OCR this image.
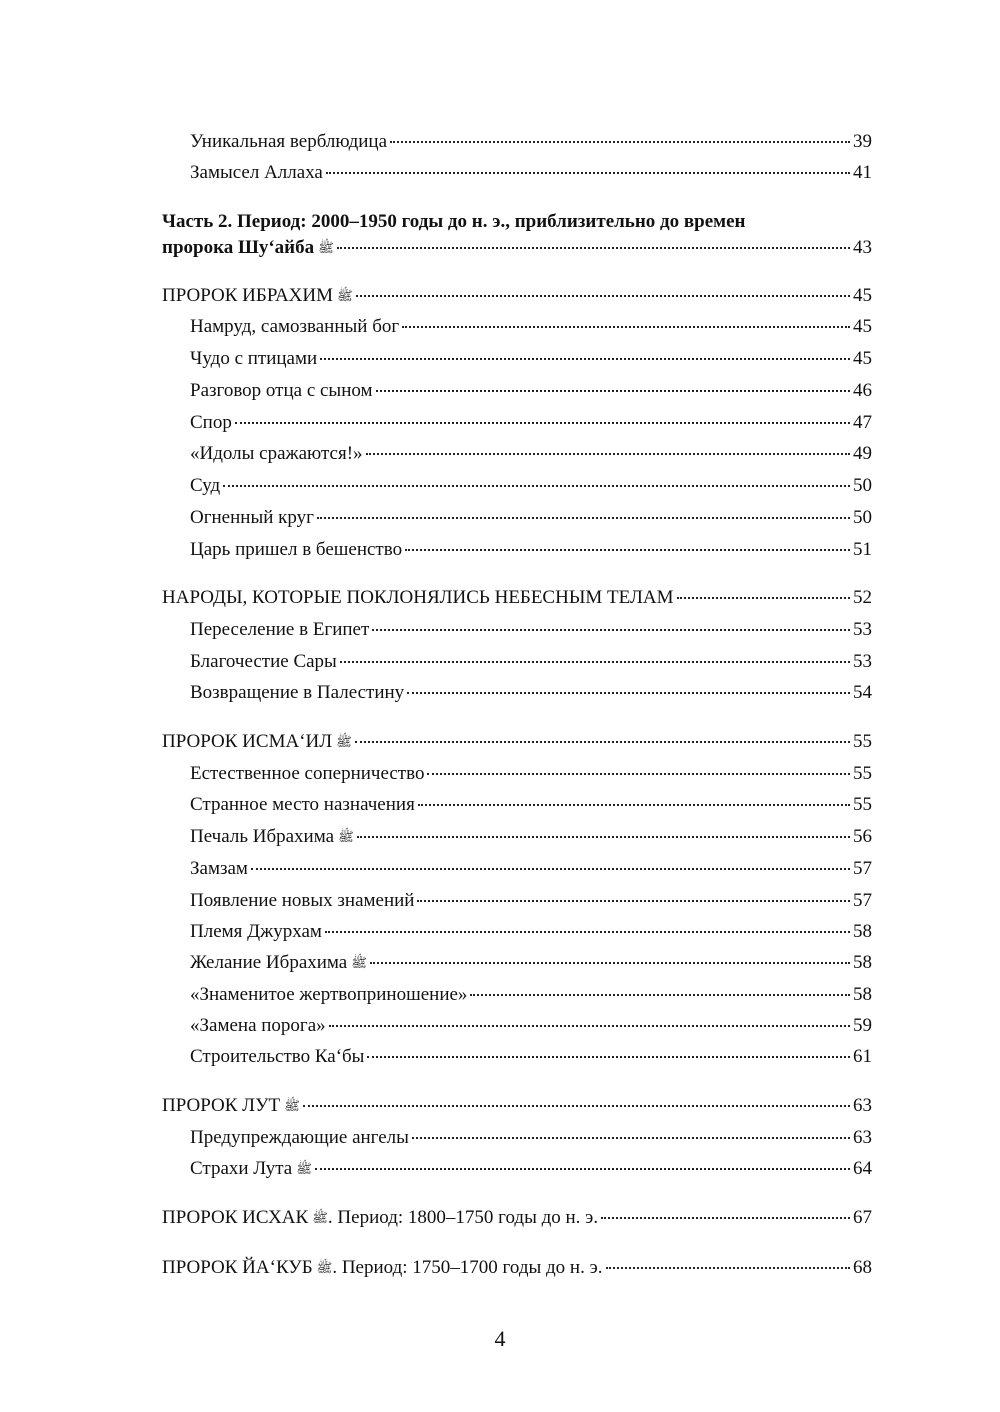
Уникальная верблюдица	39
Замысел Аллаха	41
Часть 2. Период: 2000–1950 годы до н. э., приблизительно до времен
пророка Шу‘айба ﷺ	43
ПРОРОК ИБРАХИМ ﷺ	45
Намруд, самозванный бог	45
Чудо с птицами	45
Разговор отца с сыном	46
Спор	47
«Идолы сражаются!»	49
Суд	50
Огненный круг	50
Царь пришел в бешенство	51
НАРОДЫ, КОТОРЫЕ ПОКЛОНЯЛИСЬ НЕБЕСНЫМ ТЕЛАМ	52
Переселение в Египет	53
Благочестие Сары	53
Возвращение в Палестину	54
ПРОРОК ИСМА‘ИЛ ﷺ	55
Естественное соперничество	55
Странное место назначения	55
Печаль Ибрахима ﷺ	56
Замзам	57
Появление новых знамений	57
Племя Джурхам	58
Желание Ибрахима ﷺ	58
«Знаменитое жертвоприношение»	58
«Замена порога»	59
Строительство Ка‘бы	61
ПРОРОК ЛУТ ﷺ	63
Предупреждающие ангелы	63
Страхи Лута ﷺ	64
ПРОРОК ИСХАК ﷺ. Период: 1800–1750 годы до н. э.	67
ПРОРОК ЙА‘КУБ ﷺ. Период: 1750–1700 годы до н. э.	68
4
